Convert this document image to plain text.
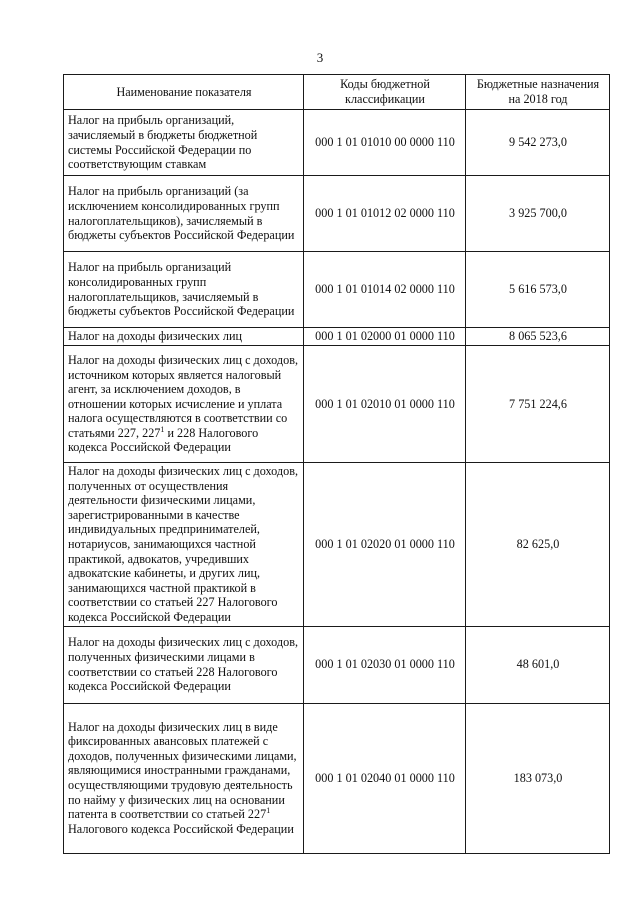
3
Наименование показателя	Коды бюджетной классификации	Бюджетные назначения на 2018 год
Налог на прибыль организаций, зачисляемый в бюджеты бюджетной системы Российской Федерации по соответствующим ставкам	000 1 01 01010 00 0000 110	9 542 273,0
Налог на прибыль организаций (за исключением консолидированных групп налогоплательщиков), зачисляемый в бюджеты субъектов Российской Федерации	000 1 01 01012 02 0000 110	3 925 700,0
Налог на прибыль организаций консолидированных групп налогоплательщиков, зачисляемый в бюджеты субъектов Российской Федерации	000 1 01 01014 02 0000 110	5 616 573,0
Налог на доходы физических лиц	000 1 01 02000 01 0000 110	8 065 523,6
Налог на доходы физических лиц с доходов, источником которых является налоговый агент, за исключением доходов, в отношении которых исчисление и уплата налога осуществляются в соответствии со статьями 227, $227^1$ и 228 Налогового кодекса Российской Федерации	000 1 01 02010 01 0000 110	7 751 224,6
Налог на доходы физических лиц с доходов, полученных от осуществления деятельности физическими лицами, зарегистрированными в качестве индивидуальных предпринимателей, нотариусов, занимающихся частной практикой, адвокатов, учредивших адвокатские кабинеты, и других лиц, занимающихся частной практикой в соответствии со статьей 227 Налогового кодекса Российской Федерации	000 1 01 02020 01 0000 110	82 625,0
Налог на доходы физических лиц с доходов, полученных физическими лицами в соответствии со статьей 228 Налогового кодекса Российской Федерации	000 1 01 02030 01 0000 110	48 601,0
Налог на доходы физических лиц в виде фиксированных авансовых платежей с доходов, полученных физическими лицами, являющимися иностранными гражданами, осуществляющими трудовую деятельность по найму у физических лиц на основании патента в соответствии со статьей $227^1$ Налогового кодекса Российской Федерации	000 1 01 02040 01 0000 110	183 073,0
